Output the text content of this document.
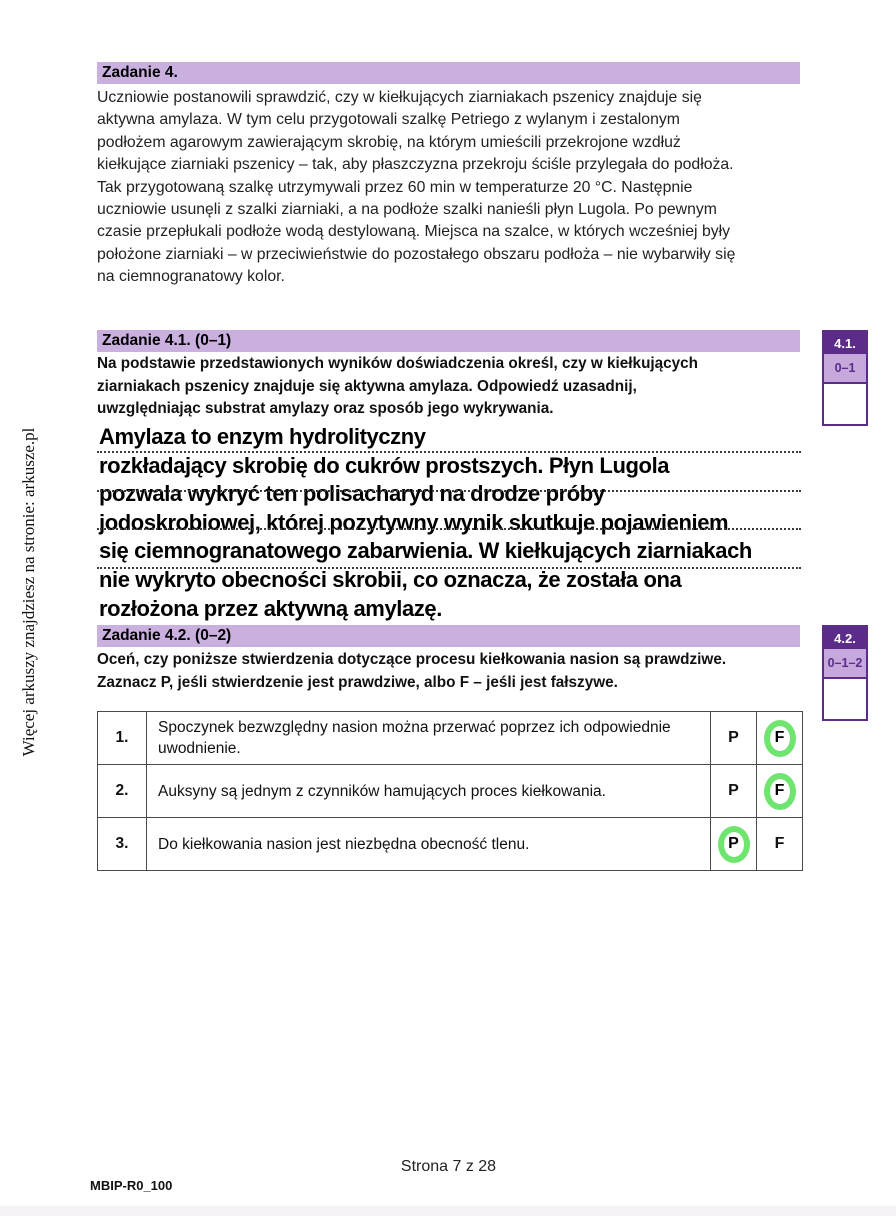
Więcej arkuszy znajdziesz na stronie: arkusze.pl
Zadanie 4.
Uczniowie postanowili sprawdzić, czy w kiełkujących ziarniakach pszenicy znajduje się
aktywna amylaza. W tym celu przygotowali szalkę Petriego z wylanym i zestalonym
podłożem agarowym zawierającym skrobię, na którym umieścili przekrojone wzdłuż
kiełkujące ziarniaki pszenicy – tak, aby płaszczyzna przekroju ściśle przylegała do podłoża.
Tak przygotowaną szalkę utrzymywali przez 60 min w temperaturze 20 °C. Następnie
uczniowie usunęli z szalki ziarniaki, a na podłoże szalki nanieśli płyn Lugola. Po pewnym
czasie przepłukali podłoże wodą destylowaną. Miejsca na szalce, w których wcześniej były
położone ziarniaki – w przeciwieństwie do pozostałego obszaru podłoża – nie wybarwiły się
na ciemnogranatowy kolor.
Zadanie 4.1. (0–1)
Na podstawie przedstawionych wyników doświadczenia określ, czy w kiełkujących
ziarniakach pszenicy znajduje się aktywna amylaza. Odpowiedź uzasadnij,
uwzględniając substrat amylazy oraz sposób jego wykrywania.
Amylaza to enzym hydrolityczny
rozkładający skrobię do cukrów prostszych. Płyn Lugola
pozwala wykryć ten polisacharyd na drodze próby
jodoskrobiowej, której pozytywny wynik skutkuje pojawieniem
się ciemnogranatowego zabarwienia. W kiełkujących ziarniakach
nie wykryto obecności skrobii, co oznacza, że została ona
rozłożona przez aktywną amylazę.
4.1.
0–1
Zadanie 4.2. (0–2)
Oceń, czy poniższe stwierdzenia dotyczące procesu kiełkowania nasion są prawdziwe.
Zaznacz P, jeśli stwierdzenie jest prawdziwe, albo F – jeśli jest fałszywe.
4.2.
0–1–2
1.	Spoczynek bezwzględny nasion można przerwać poprzez ich odpowiednie uwodnienie.	P	F
2.	Auksyny są jednym z czynników hamujących proces kiełkowania.	P	F
3.	Do kiełkowania nasion jest niezbędna obecność tlenu.	P	F
Strona 7 z 28
MBIP-R0_100
